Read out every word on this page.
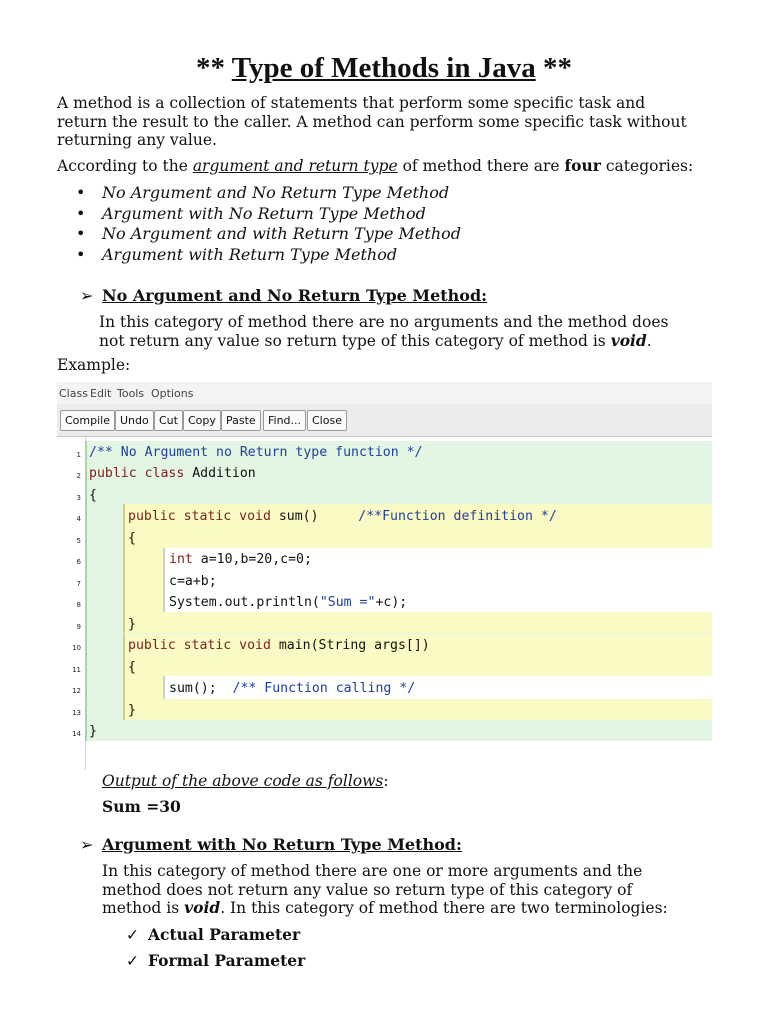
** Type of Methods in Java **
A method is a collection of statements that perform some specific task and
return the result to the caller. A method can perform some specific task without
returning any value.
According to the argument and return type of method there are four categories:
• No Argument and No Return Type Method
• Argument with No Return Type Method
• No Argument and with Return Type Method
• Argument with Return Type Method
➢ No Argument and No Return Type Method:
In this category of method there are no arguments and the method does
not return any value so return type of this category of method is void.
Example:
Class Edit Tools Options
Compile Undo Cut Copy Paste	Find... Close
1
2
3
4
5
6
7
8
9
10
11
12
13
14
/** No Argument no Return type function */
public class Addition
{
public static void sum()     /**Function definition */
{
int a=10,b=20,c=0;
c=a+b;
System.out.println("Sum ="+c);
}
public static void main(String args[])
{
sum();  /** Function calling */
}
}
Output of the above code as follows:
Sum =30
➢ Argument with No Return Type Method:
In this category of method there are one or more arguments and the
method does not return any value so return type of this category of
method is void. In this category of method there are two terminologies:
✓ Actual Parameter
✓ Formal Parameter
